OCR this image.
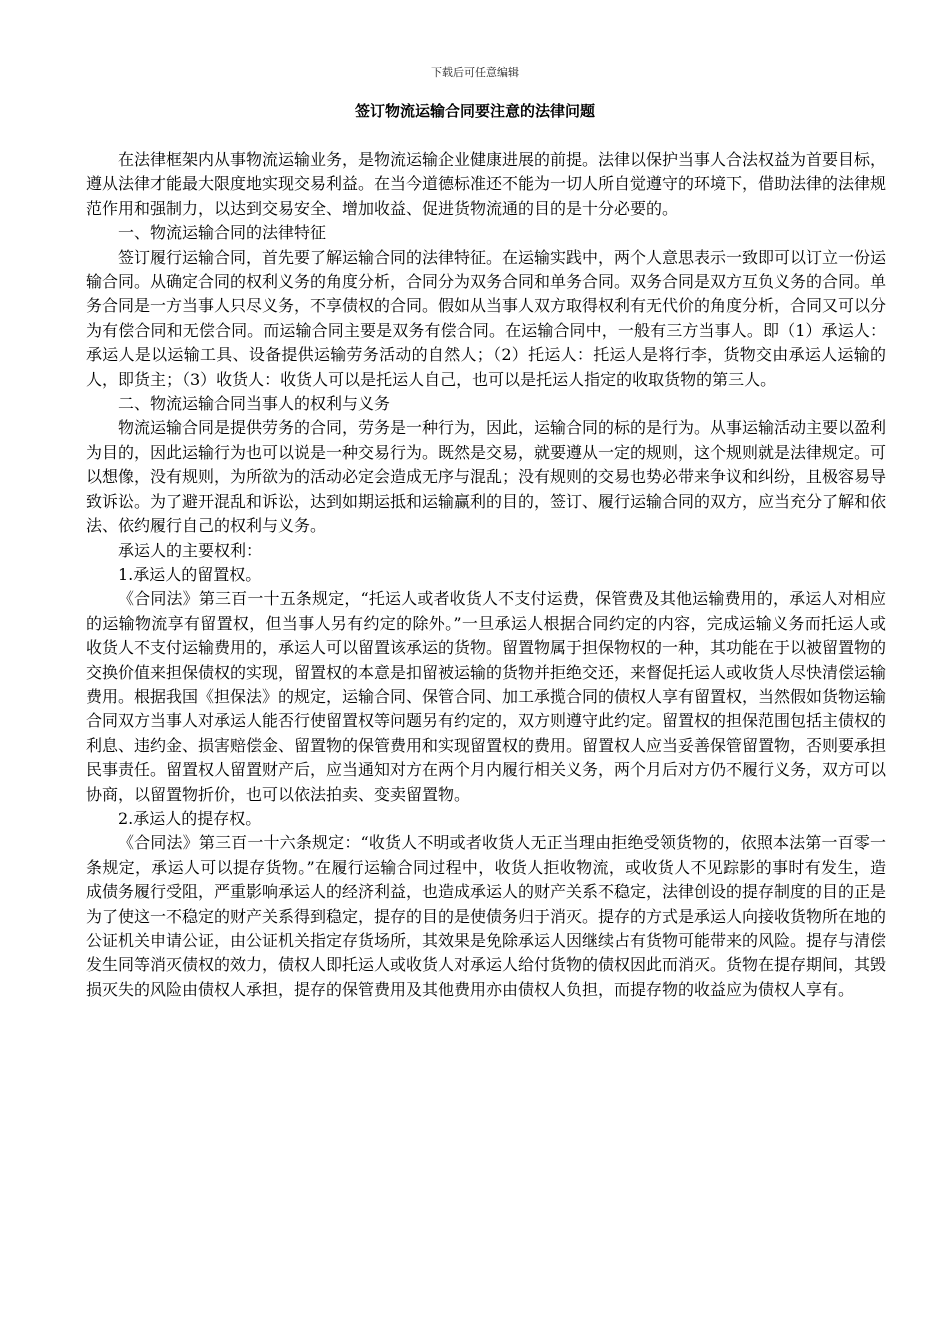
下载后可任意编辑
签订物流运输合同要注意的法律问题

在法律框架内从事物流运输业务，是物流运输企业健康进展的前提。法律以保护当事人合法权益为首要目标，遵从法律才能最大限度地实现交易利益。在当今道德标准还不能为一切人所自觉遵守的环境下，借助法律的法律规范作用和强制力，以达到交易安全、增加收益、促进货物流通的目的是十分必要的。

一、物流运输合同的法律特征

签订履行运输合同，首先要了解运输合同的法律特征。在运输实践中，两个人意思表示一致即可以订立一份运输合同。从确定合同的权利义务的角度分析，合同分为双务合同和单务合同。双务合同是双方互负义务的合同。单务合同是一方当事人只尽义务，不享债权的合同。假如从当事人双方取得权利有无代价的角度分析，合同又可以分为有偿合同和无偿合同。而运输合同主要是双务有偿合同。在运输合同中，一般有三方当事人。即（1）承运人：承运人是以运输工具、设备提供运输劳务活动的自然人；（2）托运人：托运人是将行李，货物交由承运人运输的人，即货主；（3）收货人：收货人可以是托运人自己，也可以是托运人指定的收取货物的第三人。

二、物流运输合同当事人的权利与义务

物流运输合同是提供劳务的合同，劳务是一种行为，因此，运输合同的标的是行为。从事运输活动主要以盈利为目的，因此运输行为也可以说是一种交易行为。既然是交易，就要遵从一定的规则，这个规则就是法律规定。可以想像，没有规则，为所欲为的活动必定会造成无序与混乱；没有规则的交易也势必带来争议和纠纷，且极容易导致诉讼。为了避开混乱和诉讼，达到如期运抵和运输赢利的目的，签订、履行运输合同的双方，应当充分了解和依法、依约履行自己的权利与义务。

承运人的主要权利：

1.承运人的留置权。

《合同法》第三百一十五条规定，“托运人或者收货人不支付运费，保管费及其他运输费用的，承运人对相应的运输物流享有留置权，但当事人另有约定的除外。”一旦承运人根据合同约定的内容，完成运输义务而托运人或收货人不支付运输费用的，承运人可以留置该承运的货物。留置物属于担保物权的一种，其功能在于以被留置物的交换价值来担保债权的实现，留置权的本意是扣留被运输的货物并拒绝交还，来督促托运人或收货人尽快清偿运输费用。根据我国《担保法》的规定，运输合同、保管合同、加工承揽合同的债权人享有留置权，当然假如货物运输合同双方当事人对承运人能否行使留置权等问题另有约定的，双方则遵守此约定。留置权的担保范围包括主债权的利息、违约金、损害赔偿金、留置物的保管费用和实现留置权的费用。留置权人应当妥善保管留置物，否则要承担民事责任。留置权人留置财产后，应当通知对方在两个月内履行相关义务，两个月后对方仍不履行义务，双方可以协商，以留置物折价，也可以依法拍卖、变卖留置物。

2.承运人的提存权。

《合同法》第三百一十六条规定：“收货人不明或者收货人无正当理由拒绝受领货物的，依照本法第一百零一条规定，承运人可以提存货物。”在履行运输合同过程中，收货人拒收物流，或收货人不见踪影的事时有发生，造成债务履行受阻，严重影响承运人的经济利益，也造成承运人的财产关系不稳定，法律创设的提存制度的目的正是为了使这一不稳定的财产关系得到稳定，提存的目的是使债务归于消灭。提存的方式是承运人向接收货物所在地的公证机关申请公证，由公证机关指定存货场所，其效果是免除承运人因继续占有货物可能带来的风险。提存与清偿发生同等消灭债权的效力，债权人即托运人或收货人对承运人给付货物的债权因此而消灭。货物在提存期间，其毁损灭失的风险由债权人承担，提存的保管费用及其他费用亦由债权人负担，而提存物的收益应为债权人享有。
